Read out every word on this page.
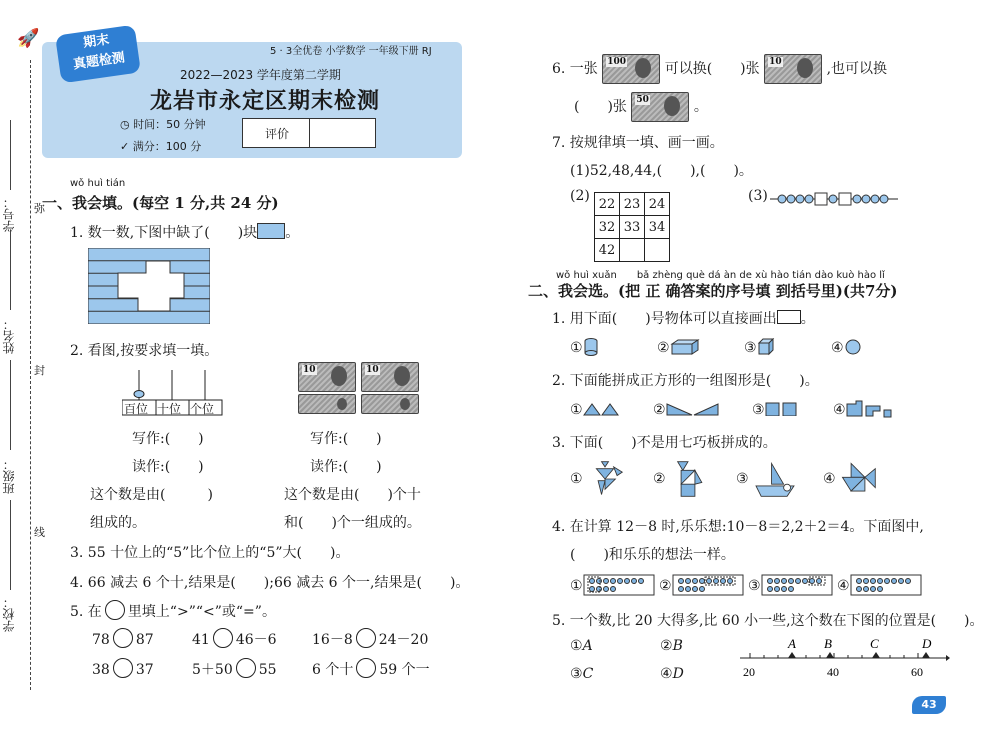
🚀
学号： 弥
姓名：
封
班级：
线
学校：
期末
真题检测	5 · 3全优卷 小学数学 一年级下册 RJ
2022—2023 学年度第二学期
龙岩市永定区期末检测
◷ 时间：50 分钟
✓ 满分：100 分
评价
wǒ huì tián
一、我会填。(每空 1 分,共 24 分)
1. 数一数,下图中缺了(　　)块 。
2. 看图,按要求填一填。
百位 十位 个位
10
	10

写作:(　　)
读作:(　　)
这个数是由(　　　)
组成的。
写作:(　　)
读作:(　　)
这个数是由(　　)个十
和(　　)个一组成的。
3. 55 十位上的“5”比个位上的“5”大(　　)。
4. 66 减去 6 个十,结果是(　　);66 减去 6 个一,结果是(　　)。
5. 在 里填上“>”“<”或“=”。
78 87	41 46－6	16－8 24－20
38 37	5＋50 55	6 个十 59 个一
6. 一张 100	可以换(　　)张 10	,也可以换
(　　)张 50	。
7. 按规律填一填、画一画。
(1)52,48,44,(　　),(　　)。
(2) 22	23	24
32	33	34
42		
(3)
wǒ huì xuǎn　　bǎ zhèng què dá àn de xù hào tián dào kuò hào lǐ
二、我会选。(把 正 确答案的序号填 到括号里)(共7分)
1. 用下面(　　)号物体可以直接画出 。
①	②	③	④
2. 下面能拼成正方形的一组图形是(　　)。
①	②	③	④
3. 下面(　　)不是用七巧板拼成的。
①	②	③	④
4. 在计算 12－8 时,乐乐想:10－8＝2,2＋2＝4。下面图中,
(　　)和乐乐的想法一样。
①	②	③	④
5. 一个数,比 20 大得多,比 60 小一些,这个数在下图的位置是(　　)。
①A	②B
③C	④D
A B	C	D
20	40	60
43
